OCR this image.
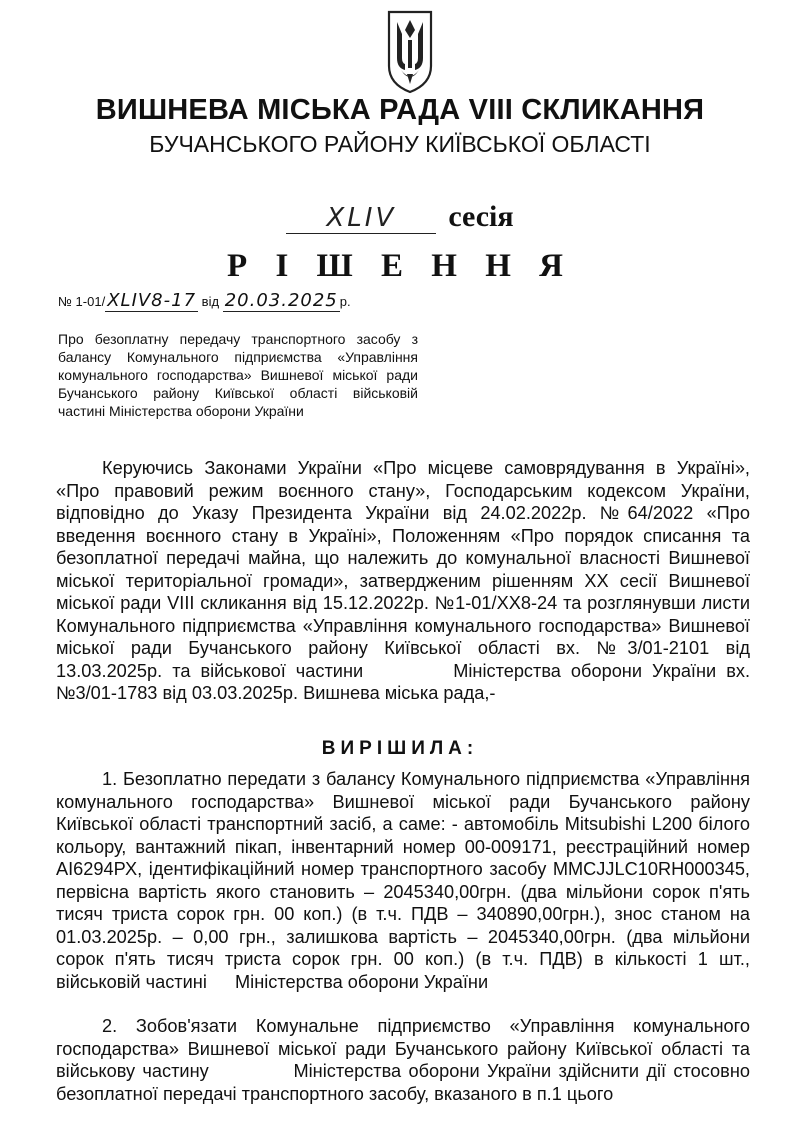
ВИШНЕВА МІСЬКА РАДА VIII СКЛИКАННЯ
БУЧАНСЬКОГО РАЙОНУ КИЇВСЬКОЇ ОБЛАСТІ
XLIV сесія
Р І Ш Е Н Н Я
№ 1-01/ XLIV8-17 від 20.03.2025 р.
Про безоплатну передачу транспортного засобу з балансу Комунального підприємства «Управління комунального господарства» Вишневої міської ради Бучанського району Київської області військовій частині Міністерства оборони України
Керуючись Законами України «Про місцеве самоврядування в Україні», «Про правовий режим воєнного стану», Господарським кодексом України, відповідно до Указу Президента України від 24.02.2022р. №64/2022 «Про введення воєнного стану в Україні», Положенням «Про порядок списання та безоплатної передачі майна, що належить до комунальної власності Вишневої міської територіальної громади», затвердженим рішенням XX сесії Вишневої міської ради VIII скликання від 15.12.2022р. №1-01/XX8-24 та розглянувши листи Комунального підприємства «Управління комунального господарства» Вишневої міської ради Бучанського району Київської області вх. №3/01-2101 від 13.03.2025р. та військової частини	Міністерства оборони України вх. №3/01-1783 від 03.03.2025р. Вишнева міська рада,-
ВИРІШИЛА:
1. Безоплатно передати з балансу Комунального підприємства «Управління комунального господарства» Вишневої міської ради Бучанського району Київської області транспортний засіб, а саме: - автомобіль Mitsubishi L200 білого кольору, вантажний пікап, інвентарний номер 00-009171, реєстраційний номер АІ6294РХ, ідентифікаційний номер транспортного засобу MMCJJLC10RH000345, первісна вартість якого становить – 2045340,00грн. (два мільйони сорок п'ять тисяч триста сорок грн. 00 коп.) (в т.ч. ПДВ – 340890,00грн.), знос станом на 01.03.2025р. – 0,00 грн., залишкова вартість – 2045340,00грн. (два мільйони сорок п'ять тисяч триста сорок грн. 00 коп.) (в т.ч. ПДВ) в кількості 1 шт., військовій частині Міністерства оборони України
2. Зобов'язати Комунальне підприємство «Управління комунального господарства» Вишневої міської ради Бучанського району Київської області та військову частину	Міністерства оборони України здійснити дії стосовно безоплатної передачі транспортного засобу, вказаного в п.1 цього
